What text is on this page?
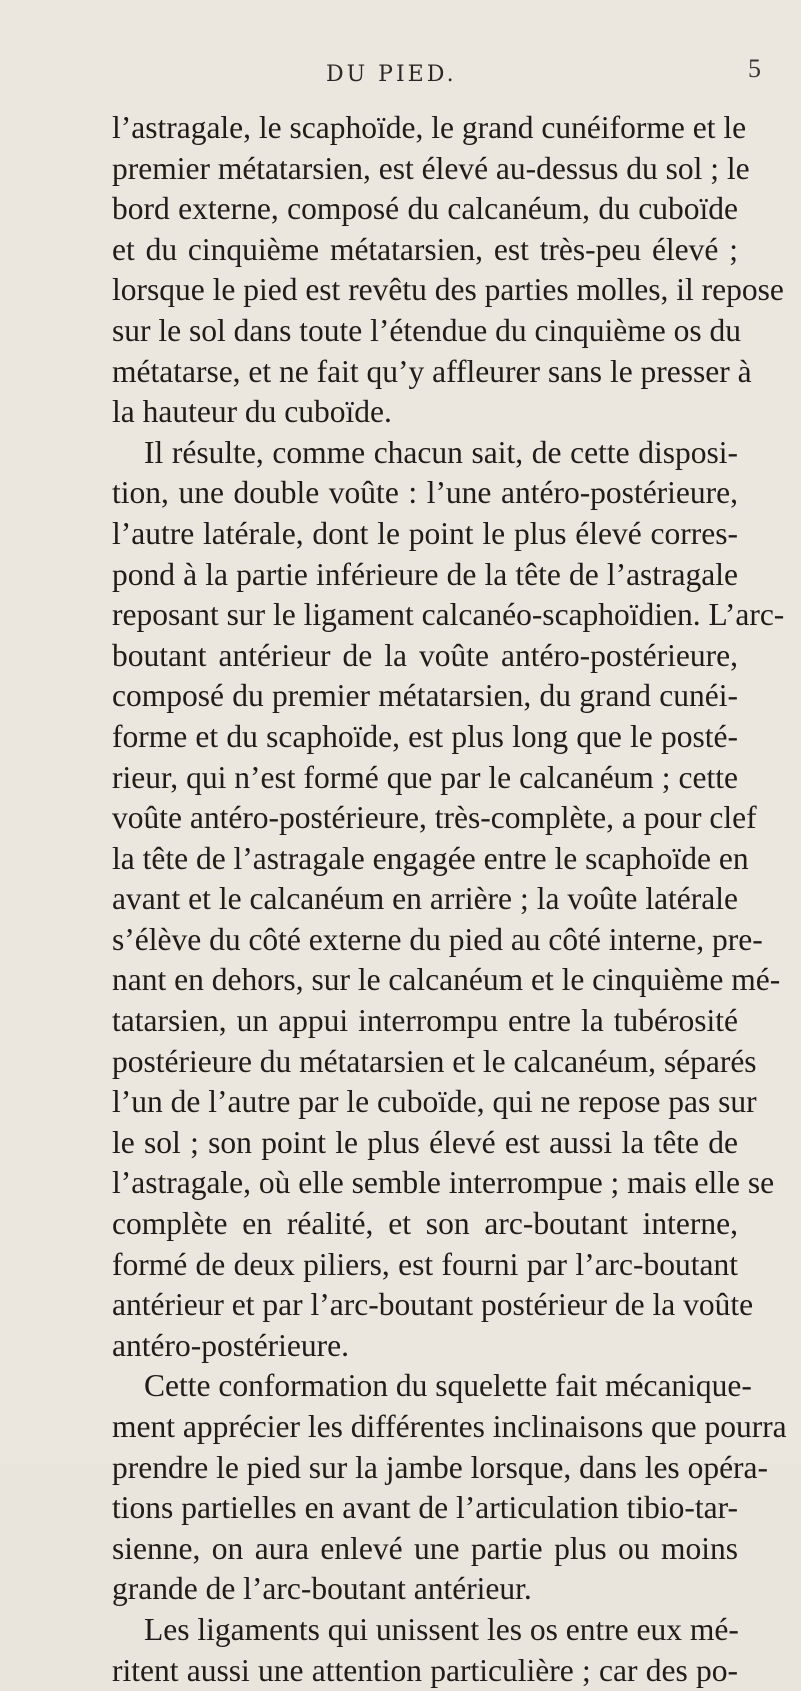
DU PIED.	5
l’astragale, le scaphoïde, le grand cunéiforme et le
premier métatarsien, est élevé au-dessus du sol ; le
bord externe, composé du calcanéum, du cuboïde
et du cinquième métatarsien, est très-peu élevé ;
lorsque le pied est revêtu des parties molles, il repose
sur le sol dans toute l’étendue du cinquième os du
métatarse, et ne fait qu’y affleurer sans le presser à
la hauteur du cuboïde.
Il résulte, comme chacun sait, de cette disposi-
tion, une double voûte : l’une antéro-postérieure,
l’autre latérale, dont le point le plus élevé corres-
pond à la partie inférieure de la tête de l’astragale
reposant sur le ligament calcanéo-scaphoïdien. L’arc-
boutant antérieur de la voûte antéro-postérieure,
composé du premier métatarsien, du grand cunéi-
forme et du scaphoïde, est plus long que le posté-
rieur, qui n’est formé que par le calcanéum ; cette
voûte antéro-postérieure, très-complète, a pour clef
la tête de l’astragale engagée entre le scaphoïde en
avant et le calcanéum en arrière ; la voûte latérale
s’élève du côté externe du pied au côté interne, pre-
nant en dehors, sur le calcanéum et le cinquième mé-
tatarsien, un appui interrompu entre la tubérosité
postérieure du métatarsien et le calcanéum, séparés
l’un de l’autre par le cuboïde, qui ne repose pas sur
le sol ; son point le plus élevé est aussi la tête de
l’astragale, où elle semble interrompue ; mais elle se
complète en réalité, et son arc-boutant interne,
formé de deux piliers, est fourni par l’arc-boutant
antérieur et par l’arc-boutant postérieur de la voûte
antéro-postérieure.
Cette conformation du squelette fait mécanique-
ment apprécier les différentes inclinaisons que pourra
prendre le pied sur la jambe lorsque, dans les opéra-
tions partielles en avant de l’articulation tibio-tar-
sienne, on aura enlevé une partie plus ou moins
grande de l’arc-boutant antérieur.
Les ligaments qui unissent les os entre eux mé-
ritent aussi une attention particulière ; car des po-
